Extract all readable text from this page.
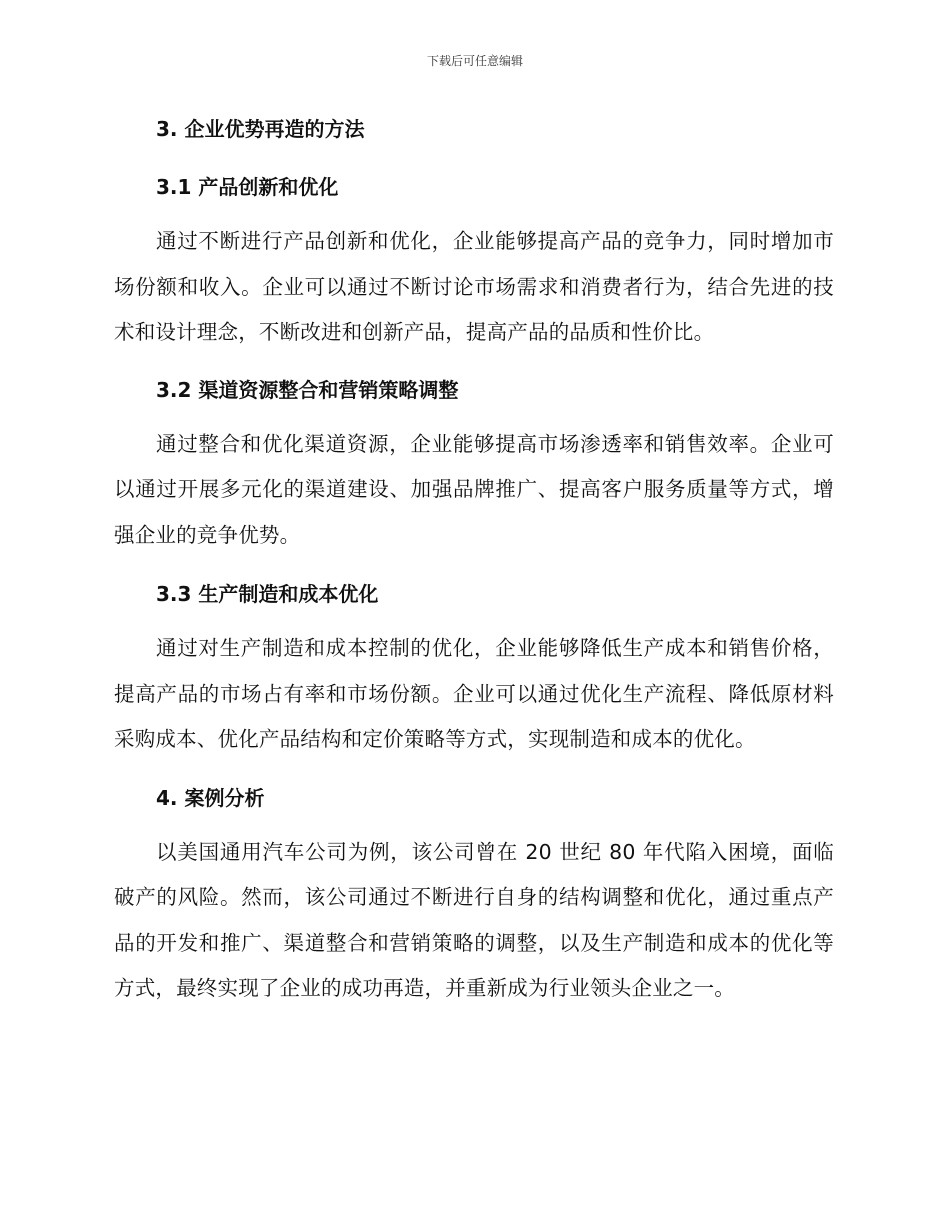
下载后可任意编辑
3. 企业优势再造的方法
3.1 产品创新和优化

通过不断进行产品创新和优化，企业能够提高产品的竞争力，同时增加市场份额和收入。企业可以通过不断讨论市场需求和消费者行为，结合先进的技术和设计理念，不断改进和创新产品，提高产品的品质和性价比。

3.2 渠道资源整合和营销策略调整

通过整合和优化渠道资源，企业能够提高市场渗透率和销售效率。企业可以通过开展多元化的渠道建设、加强品牌推广、提高客户服务质量等方式，增强企业的竞争优势。

3.3 生产制造和成本优化

通过对生产制造和成本控制的优化，企业能够降低生产成本和销售价格，提高产品的市场占有率和市场份额。企业可以通过优化生产流程、降低原材料采购成本、优化产品结构和定价策略等方式，实现制造和成本的优化。

4. 案例分析

以美国通用汽车公司为例，该公司曾在 20 世纪 80 年代陷入困境，面临破产的风险。然而，该公司通过不断进行自身的结构调整和优化，通过重点产品的开发和推广、渠道整合和营销策略的调整，以及生产制造和成本的优化等方式，最终实现了企业的成功再造，并重新成为行业领头企业之一。
